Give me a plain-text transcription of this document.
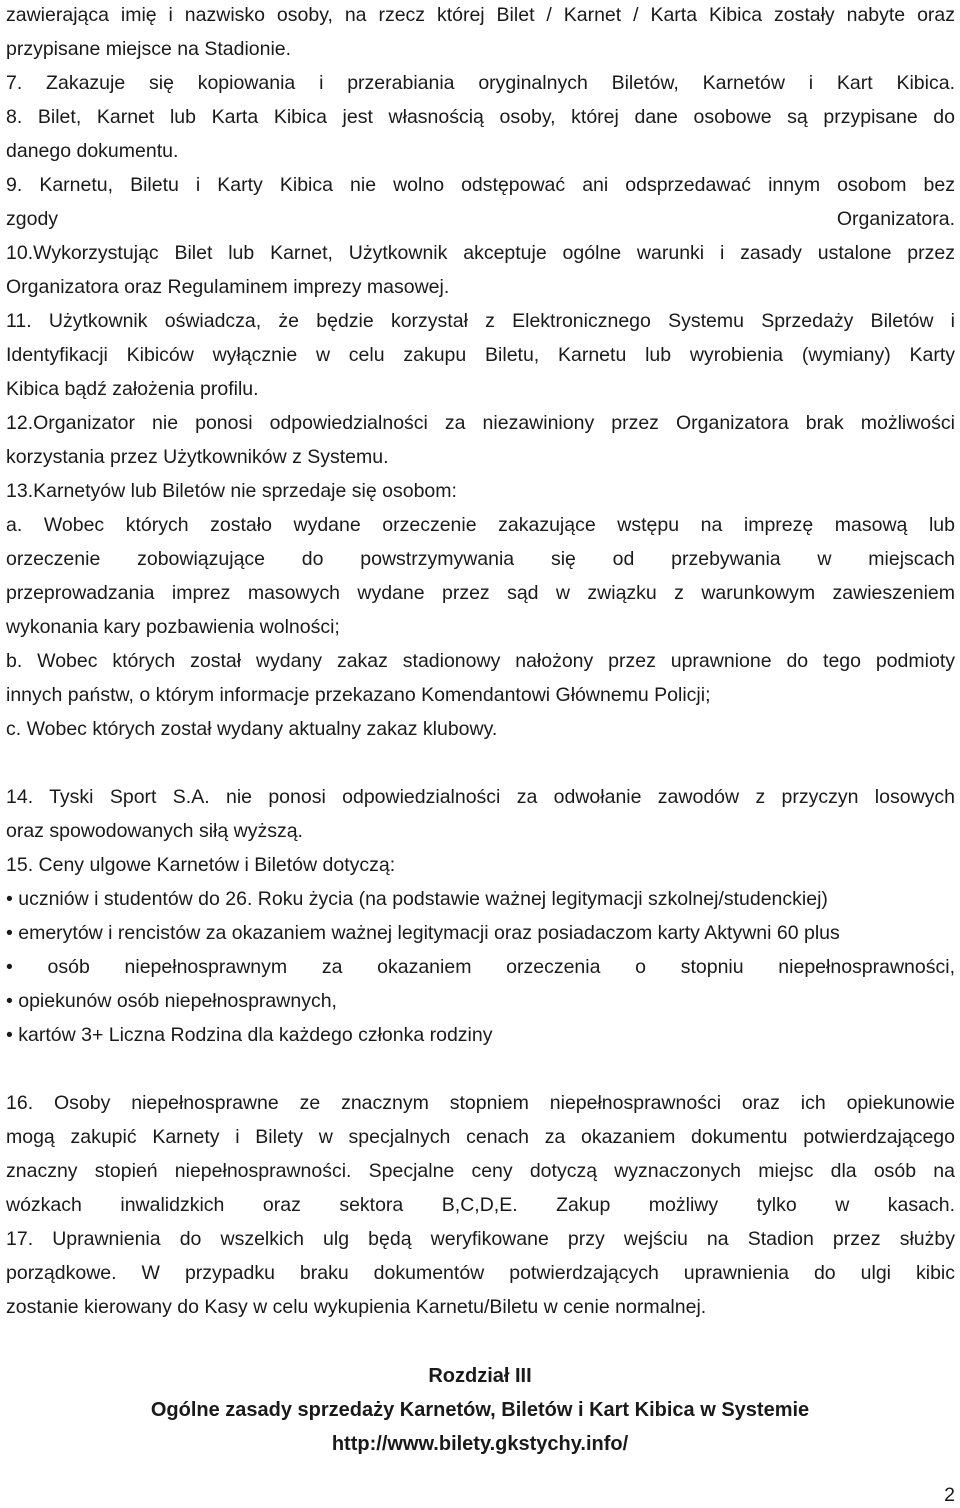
zawierająca imię i nazwisko osoby, na rzecz której Bilet / Karnet / Karta Kibica zostały nabyte oraz
przypisane miejsce na Stadionie.
7. Zakazuje się kopiowania i przerabiania oryginalnych Biletów, Karnetów i Kart Kibica.
8. Bilet, Karnet lub Karta Kibica jest własnością osoby, której dane osobowe są przypisane do
danego dokumentu.
9. Karnetu, Biletu i Karty Kibica nie wolno odstępować ani odsprzedawać innym osobom bez
zgody Organizatora.
10.Wykorzystując Bilet lub Karnet, Użytkownik akceptuje ogólne warunki i zasady ustalone przez
Organizatora oraz Regulaminem imprezy masowej.
11. Użytkownik oświadcza, że będzie korzystał z Elektronicznego Systemu Sprzedaży Biletów i
Identyfikacji Kibiców wyłącznie w celu zakupu Biletu, Karnetu lub wyrobienia (wymiany) Karty
Kibica bądź założenia profilu.
12.Organizator nie ponosi odpowiedzialności za niezawiniony przez Organizatora brak możliwości
korzystania przez Użytkowników z Systemu.
13.Karnetyów lub Biletów nie sprzedaje się osobom:
a. Wobec których zostało wydane orzeczenie zakazujące wstępu na imprezę masową lub
orzeczenie zobowiązujące do powstrzymywania się od przebywania w miejscach
przeprowadzania imprez masowych wydane przez sąd w związku z warunkowym zawieszeniem
wykonania kary pozbawienia wolności;
b. Wobec których został wydany zakaz stadionowy nałożony przez uprawnione do tego podmioty
innych państw, o którym informacje przekazano Komendantowi Głównemu Policji;
c. Wobec których został wydany aktualny zakaz klubowy.
14. Tyski Sport S.A. nie ponosi odpowiedzialności za odwołanie zawodów z przyczyn losowych
oraz spowodowanych siłą wyższą.
15. Ceny ulgowe Karnetów i Biletów dotyczą:
• uczniów i studentów do 26. Roku życia (na podstawie ważnej legitymacji szkolnej/studenckiej)
• emerytów i rencistów za okazaniem ważnej legitymacji oraz posiadaczom karty Aktywni 60 plus
• osób niepełnosprawnym za okazaniem orzeczenia o stopniu niepełnosprawności,
• opiekunów osób niepełnosprawnych,
• kartów 3+ Liczna Rodzina dla każdego członka rodziny
16. Osoby niepełnosprawne ze znacznym stopniem niepełnosprawności oraz ich opiekunowie
mogą zakupić Karnety i Bilety w specjalnych cenach za okazaniem dokumentu potwierdzającego
znaczny stopień niepełnosprawności. Specjalne ceny dotyczą wyznaczonych miejsc dla osób na
wózkach inwalidzkich oraz sektora B,C,D,E. Zakup możliwy tylko w kasach.
17. Uprawnienia do wszelkich ulg będą weryfikowane przy wejściu na Stadion przez służby
porządkowe. W przypadku braku dokumentów potwierdzających uprawnienia do ulgi kibic
zostanie kierowany do Kasy w celu wykupienia Karnetu/Biletu w cenie normalnej.
Rozdział III
Ogólne zasady sprzedaży Karnetów, Biletów i Kart Kibica w Systemie
http://www.bilety.gkstychy.info/
2
